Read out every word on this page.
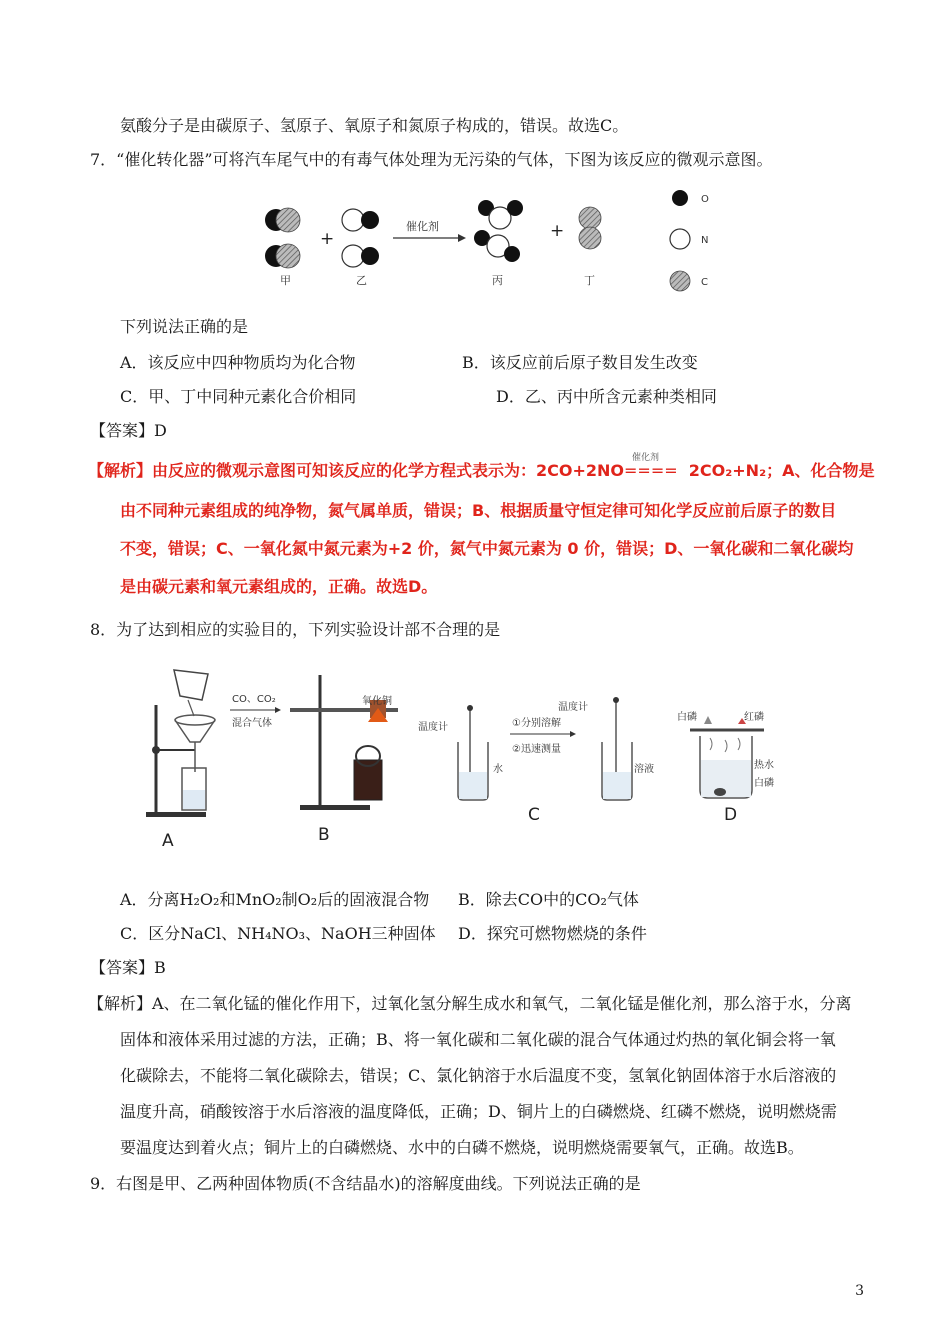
氨酸分子是由碳原子、氢原子、氧原子和氮原子构成的，错误。故选C。
7．“催化转化器”可将汽车尾气中的有毒气体处理为无污染的气体，下图为该反应的微观示意图。
+
催化剂	+
甲	乙	丙	丁
O
N
C
下列说法正确的是
A．该反应中四种物质均为化合物	B．该反应前后原子数目发生改变
C．甲、丁中同种元素化合价相同	D．乙、丙中所含元素种类相同
【答案】D
【解析】由反应的微观示意图可知该反应的化学方程式表示为：2CO+2NO
催化剂
==== 2CO₂+N₂；A、化合物是
由不同种元素组成的纯净物，氮气属单质，错误；B、根据质量守恒定律可知化学反应前后原子的数目
不变，错误；C、一氧化氮中氮元素为+2 价，氮气中氮元素为 0 价，错误；D、一氧化碳和二氧化碳均
是由碳元素和氧元素组成的，正确。故选D。
8．为了达到相应的实验目的，下列实验设计部不合理的是
A
CO、CO₂
混合气体
氧化铜
B
温度计
水
①分别溶解
②迅速测量
温度计
溶液
C
白磷	红磷
热水
白磷
D
A．分离H₂O₂和MnO₂制O₂后的固液混合物 B．除去CO中的CO₂气体
C．区分NaCl、NH₄NO₃、NaOH三种固体 D．探究可燃物燃烧的条件
【答案】B
【解析】A、在二氧化锰的催化作用下，过氧化氢分解生成水和氧气，二氧化锰是催化剂，那么溶于水，分离
固体和液体采用过滤的方法，正确；B、将一氧化碳和二氧化碳的混合气体通过灼热的氧化铜会将一氧
化碳除去，不能将二氧化碳除去，错误；C、氯化钠溶于水后温度不变，氢氧化钠固体溶于水后溶液的
温度升高，硝酸铵溶于水后溶液的温度降低，正确；D、铜片上的白磷燃烧、红磷不燃烧，说明燃烧需
要温度达到着火点；铜片上的白磷燃烧、水中的白磷不燃烧，说明燃烧需要氧气，正确。故选B。
9．右图是甲、乙两种固体物质(不含结晶水)的溶解度曲线。下列说法正确的是
3
